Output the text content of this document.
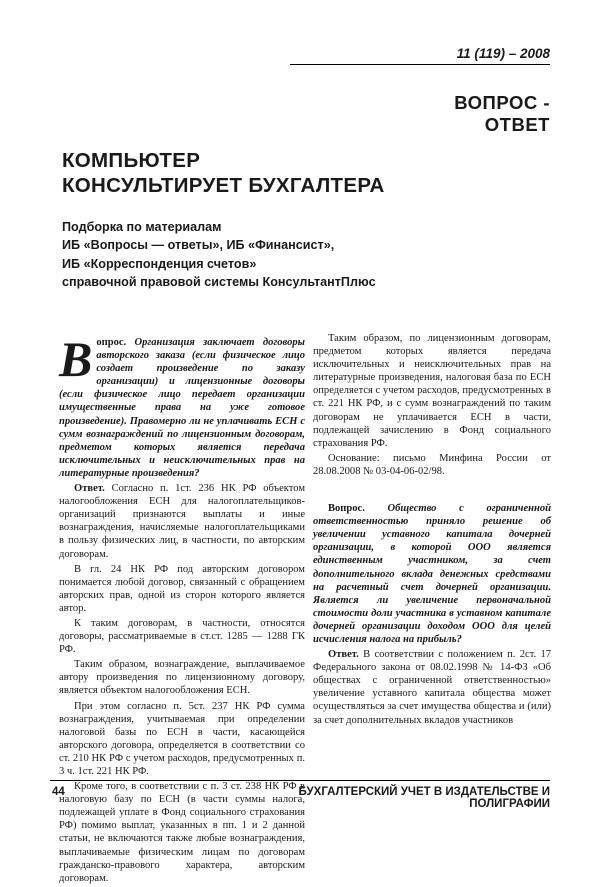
11 (119) – 2008
ВОПРОС - ОТВЕТ
КОМПЬЮТЕР
КОНСУЛЬТИРУЕТ БУХГАЛТЕРА
Подборка по материалам
ИБ «Вопросы — ответы», ИБ «Финансист»,
ИБ «Корреспонденция счетов»
справочной правовой системы КонсультантПлюс

Вопрос. Организация заключает договоры авторского заказа (если физическое лицо создает произведение по заказу организации) и лицензионные договоры (если физическое лицо передает организации имущественные права на уже готовое произведение). Правомерно ли не уплачивать ЕСН с сумм вознаграждений по лицензионным договорам, предметом которых является передача исключительных и неисключительных прав на литературные произведения?

Ответ. Согласно п. 1ст. 236 НК РФ объектом налогообложения ЕСН для налогоплательщиков-организаций признаются выплаты и иные вознаграждения, начисляемые налогоплательщиками в пользу физических лиц, в частности, по авторским договорам.

В гл. 24 НК РФ под авторским договором понимается любой договор, связанный с обращением авторских прав, одной из сторон которого является автор.

К таким договорам, в частности, относятся договоры, рассматриваемые в ст.ст. 1285 — 1288 ГК РФ.

Таким образом, вознаграждение, выплачиваемое автору произведения по лицензионному договору, является объектом налогообложения ЕСН.

При этом согласно п. 5ст. 237 НК РФ сумма вознаграждения, учитываемая при определении налоговой базы по ЕСН в части, касающейся авторского договора, определяется в соответствии со ст. 210 НК РФ с учетом расходов, предусмотренных п. 3 ч. 1ст. 221 НК РФ.

Кроме того, в соответствии с п. 3 ст. 238 НК РФ в налоговую базу по ЕСН (в части суммы налога, подлежащей уплате в Фонд социального страхования РФ) помимо выплат, указанных в пп. 1 и 2 данной статьи, не включаются также любые вознаграждения, выплачиваемые физическим лицам по договорам гражданско-правового характера, авторским договорам.

Таким образом, по лицензионным договорам, предметом которых является передача исключительных и неисключительных прав на литературные произведения, налоговая база по ЕСН определяется с учетом расходов, предусмотренных в ст. 221 НК РФ, и с сумм вознаграждений по таким договорам не уплачивается ЕСН в части, подлежащей зачислению в Фонд социального страхования РФ.

Основание: письмо Минфина России от 28.08.2008 № 03-04-06-02/98.

Вопрос. Общество с ограниченной ответственностью приняло решение об увеличении уставного капитала дочерней организации, в которой ООО является единственным участником, за счет дополнительного вклада денежных средствами на расчетный счет дочерней организации. Является ли увеличение первоначальной стоимости доли участника в уставном капитале дочерней организации доходом ООО для целей исчисления налога на прибыль?

Ответ. В соответствии с положением п. 2ст. 17 Федерального закона от 08.02.1998 № 14-ФЗ «Об обществах с ограниченной ответственностью» увеличение уставного капитала общества может осуществляться за счет имущества общества и (или) за счет дополнительных вкладов участников

44	БУХГАЛТЕРСКИЙ УЧЕТ В ИЗДАТЕЛЬСТВЕ И ПОЛИГРАФИИ
